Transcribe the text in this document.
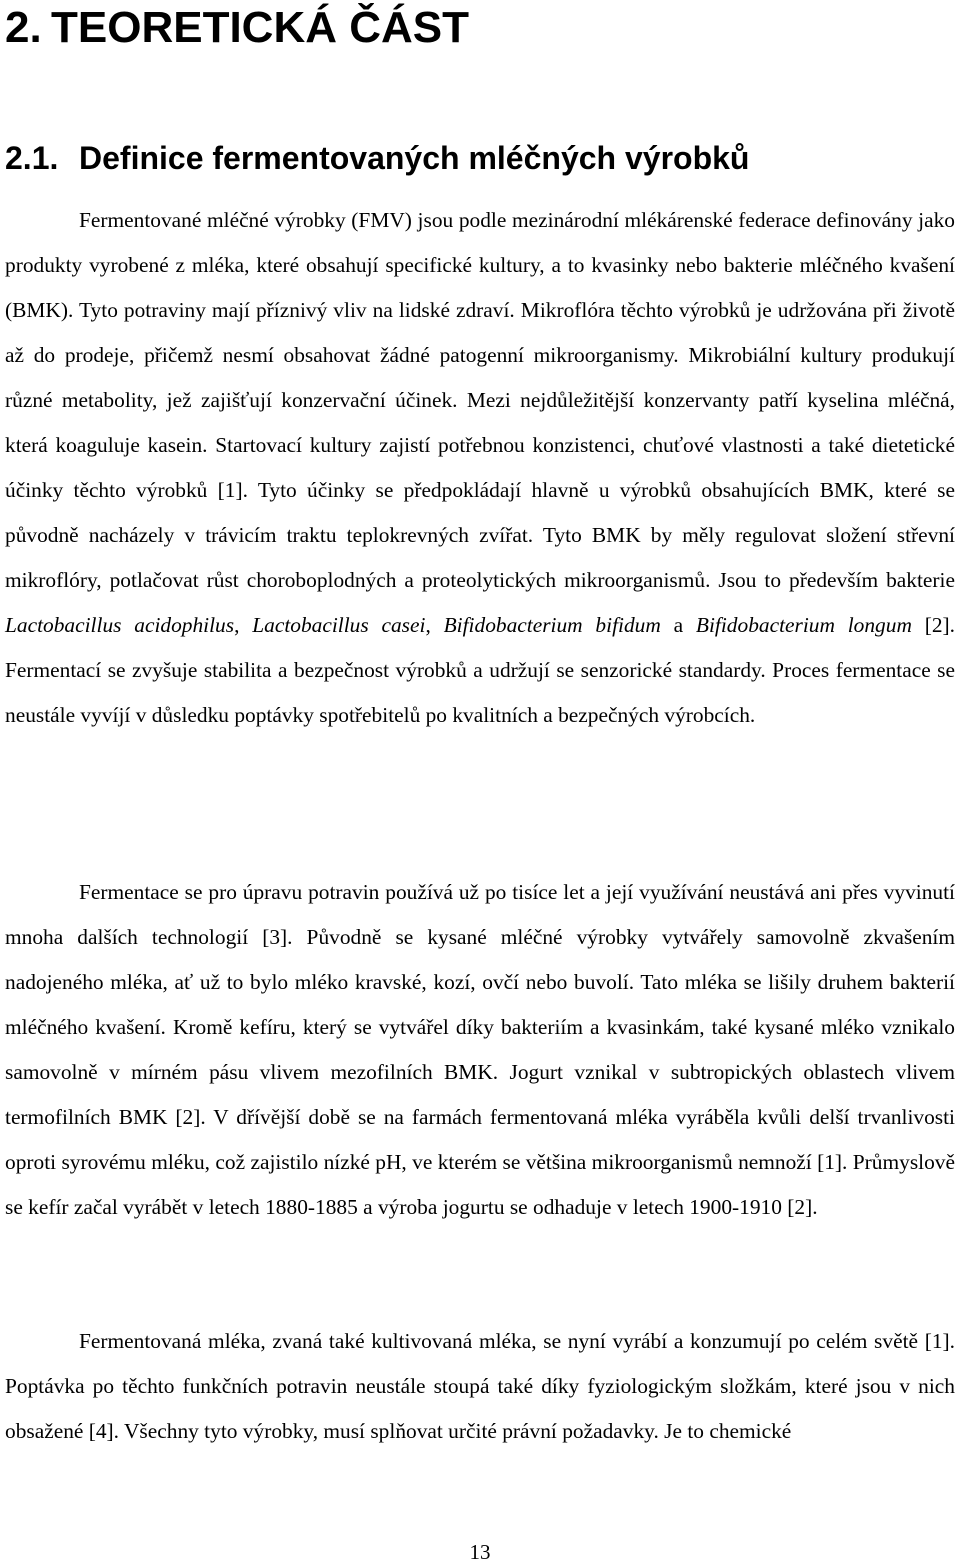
2. TEORETICKÁ ČÁST
2.1. Definice fermentovaných mléčných výrobků

Fermentované mléčné výrobky (FMV) jsou podle mezinárodní mlékárenské federace definovány jako produkty vyrobené z mléka, které obsahují specifické kultury, a to kvasinky nebo bakterie mléčného kvašení (BMK). Tyto potraviny mají příznivý vliv na lidské zdraví. Mikroflóra těchto výrobků je udržována při životě až do prodeje, přičemž nesmí obsahovat žádné patogenní mikroorganismy. Mikrobiální kultury produkují různé metabolity, jež zajišťují konzervační účinek. Mezi nejdůležitější konzervanty patří kyselina mléčná, která koaguluje kasein. Startovací kultury zajistí potřebnou konzistenci, chuťové vlastnosti a také dietetické účinky těchto výrobků [1]. Tyto účinky se předpokládají hlavně u výrobků obsahujících BMK, které se původně nacházely v trávicím traktu teplokrevných zvířat. Tyto BMK by měly regulovat složení střevní mikroflóry, potlačovat růst choroboplodných a proteolytických mikroorganismů. Jsou to především bakterie Lactobacillus acidophilus, Lactobacillus casei, Bifidobacterium bifidum a Bifidobacterium longum [2]. Fermentací se zvyšuje stabilita a bezpečnost výrobků a udržují se senzorické standardy. Proces fermentace se neustále vyvíjí v důsledku poptávky spotřebitelů po kvalitních a bezpečných výrobcích.

Fermentace se pro úpravu potravin používá už po tisíce let a její využívání neustává ani přes vyvinutí mnoha dalších technologií [3]. Původně se kysané mléčné výrobky vytvářely samovolně zkvašením nadojeného mléka, ať už to bylo mléko kravské, kozí, ovčí nebo buvolí. Tato mléka se lišily druhem bakterií mléčného kvašení. Kromě kefíru, který se vytvářel díky bakteriím a kvasinkám, také kysané mléko vznikalo samovolně v mírném pásu vlivem mezofilních BMK. Jogurt vznikal v subtropických oblastech vlivem termofilních BMK [2]. V dřívější době se na farmách fermentovaná mléka vyráběla kvůli delší trvanlivosti oproti syrovému mléku, což zajistilo nízké pH, ve kterém se většina mikroorganismů nemnoží [1]. Průmyslově se kefír začal vyrábět v letech 1880-1885 a výroba jogurtu se odhaduje v letech 1900-1910 [2].

Fermentovaná mléka, zvaná také kultivovaná mléka, se nyní vyrábí a konzumují po celém světě [1]. Poptávka po těchto funkčních potravin neustále stoupá také díky fyziologickým složkám, které jsou v nich obsažené [4]. Všechny tyto výrobky, musí splňovat určité právní požadavky. Je to chemické

13
